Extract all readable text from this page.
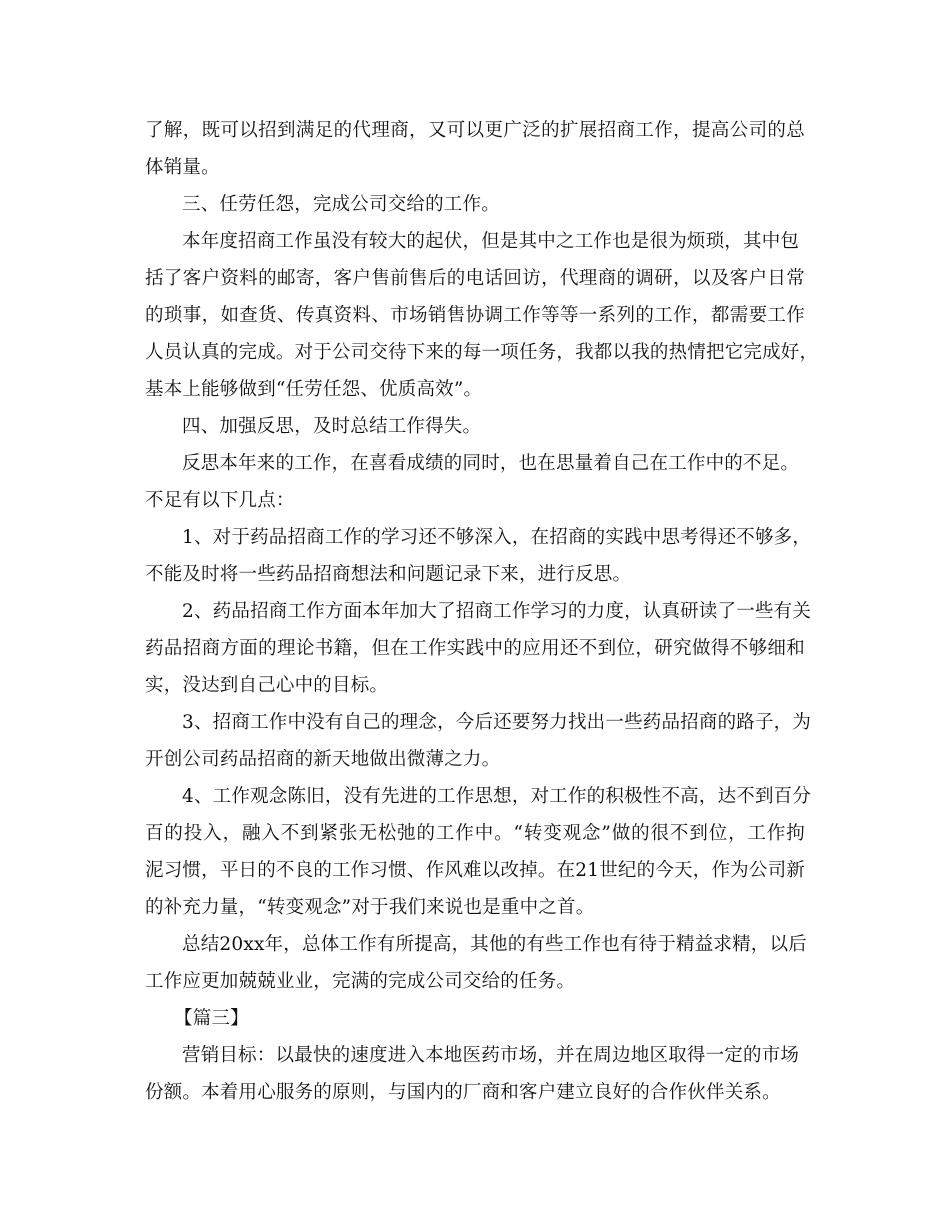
了解，既可以招到满足的代理商，又可以更广泛的扩展招商工作，提高公司的总
体销量。
三、任劳任怨，完成公司交给的工作。
本年度招商工作虽没有较大的起伏，但是其中之工作也是很为烦琐，其中包
括了客户资料的邮寄，客户售前售后的电话回访，代理商的调研，以及客户日常
的琐事，如查货、传真资料、市场销售协调工作等等一系列的工作，都需要工作
人员认真的完成。对于公司交待下来的每一项任务，我都以我的热情把它完成好，
基本上能够做到“任劳任怨、优质高效”。
四、加强反思，及时总结工作得失。
反思本年来的工作，在喜看成绩的同时，也在思量着自己在工作中的不足。
不足有以下几点：
1、对于药品招商工作的学习还不够深入，在招商的实践中思考得还不够多，
不能及时将一些药品招商想法和问题记录下来，进行反思。
2、药品招商工作方面本年加大了招商工作学习的力度，认真研读了一些有关
药品招商方面的理论书籍，但在工作实践中的应用还不到位，研究做得不够细和
实，没达到自己心中的目标。
3、招商工作中没有自己的理念，今后还要努力找出一些药品招商的路子，为
开创公司药品招商的新天地做出微薄之力。
4、工作观念陈旧，没有先进的工作思想，对工作的积极性不高，达不到百分
百的投入，融入不到紧张无松弛的工作中。“转变观念”做的很不到位，工作拘
泥习惯，平日的不良的工作习惯、作风难以改掉。在21世纪的今天，作为公司新
的补充力量，“转变观念”对于我们来说也是重中之首。
总结20xx年，总体工作有所提高，其他的有些工作也有待于精益求精，以后
工作应更加兢兢业业，完满的完成公司交给的任务。
【篇三】
营销目标：以最快的速度进入本地医药市场，并在周边地区取得一定的市场
份额。本着用心服务的原则，与国内的厂商和客户建立良好的合作伙伴关系。
